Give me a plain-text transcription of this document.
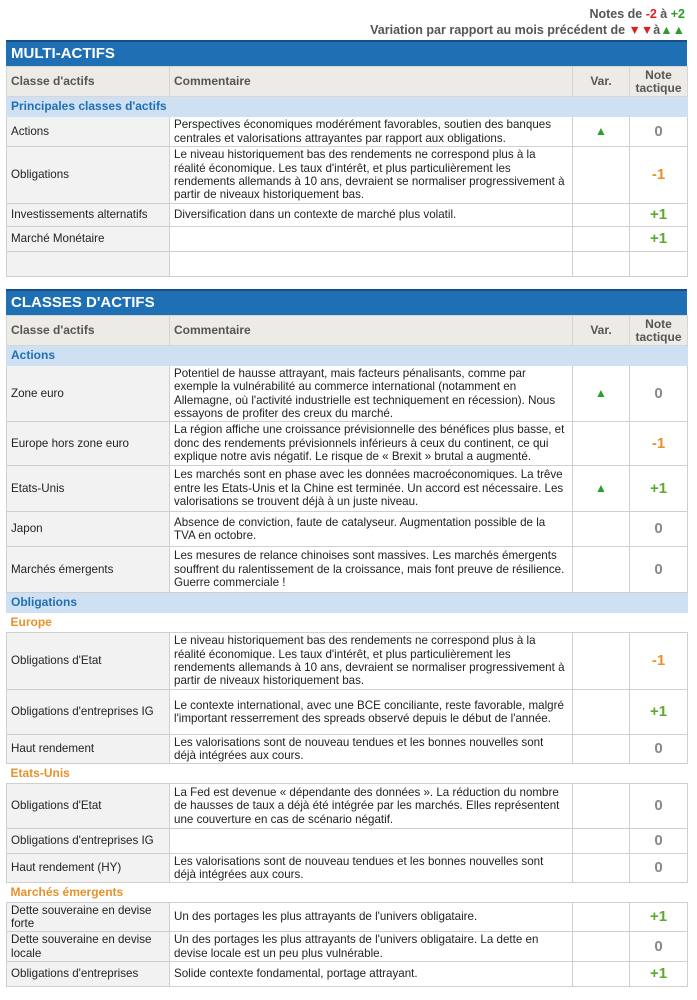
Notes de -2 à +2
Variation par rapport au mois précédent de ▼▼à▲▲
MULTI-ACTIFS
Classe d'actifs	Commentaire	Var.	Note tactique
Principales classes d'actifs			
Actions	Perspectives économiques modérément favorables, soutien des banques centrales et valorisations attrayantes par rapport aux obligations.	▲	0
Obligations	Le niveau historiquement bas des rendements ne correspond plus à la réalité économique. Les taux d'intérêt, et plus particulièrement les rendements allemands à 10 ans, devraient se normaliser progressivement à partir de niveaux historiquement bas.		-1
Investissements alternatifs	Diversification dans un contexte de marché plus volatil.		+1
Marché Monétaire			+1

CLASSES D'ACTIFS
Classe d'actifs	Commentaire	Var.	Note tactique
Actions			
Zone euro	Potentiel de hausse attrayant, mais facteurs pénalisants, comme par exemple la vulnérabilité au commerce international (notamment en Allemagne, où l'activité industrielle est techniquement en récession). Nous essayons de profiter des creux du marché.	▲	0
Europe hors zone euro	La région affiche une croissance prévisionnelle des bénéfices plus basse, et donc des rendements prévisionnels inférieurs à ceux du continent, ce qui explique notre avis négatif. Le risque de « Brexit » brutal a augmenté.		-1
Etats-Unis	Les marchés sont en phase avec les données macroéconomiques. La trêve entre les Etats-Unis et la Chine est terminée. Un accord est nécessaire. Les valorisations se trouvent déjà à un juste niveau.	▲	+1
Japon	Absence de conviction, faute de catalyseur. Augmentation possible de la TVA en octobre.		0
Marchés émergents	Les mesures de relance chinoises sont massives. Les marchés émergents souffrent du ralentissement de la croissance, mais font preuve de résilience. Guerre commerciale !		0
Obligations			
Europe			
Obligations d'Etat	Le niveau historiquement bas des rendements ne correspond plus à la réalité économique. Les taux d'intérêt, et plus particulièrement les rendements allemands à 10 ans, devraient se normaliser progressivement à partir de niveaux historiquement bas.		-1
Obligations d'entreprises IG	Le contexte international, avec une BCE conciliante, reste favorable, malgré l'important resserrement des spreads observé depuis le début de l'année.		+1
Haut rendement	Les valorisations sont de nouveau tendues et les bonnes nouvelles sont déjà intégrées aux cours.		0
Etats-Unis			
Obligations d'Etat	La Fed est devenue « dépendante des données ». La réduction du nombre de hausses de taux a déjà été intégrée par les marchés. Elles représentent une couverture en cas de scénario négatif.		0
Obligations d'entreprises IG			0
Haut rendement (HY)	Les valorisations sont de nouveau tendues et les bonnes nouvelles sont déjà intégrées aux cours.		0
Marchés émergents			
Dette souveraine en devise forte	Un des portages les plus attrayants de l'univers obligataire.		+1
Dette souveraine en devise locale	Un des portages les plus attrayants de l'univers obligataire. La dette en devise locale est un peu plus vulnérable.		0
Obligations d'entreprises	Solide contexte fondamental, portage attrayant.		+1
